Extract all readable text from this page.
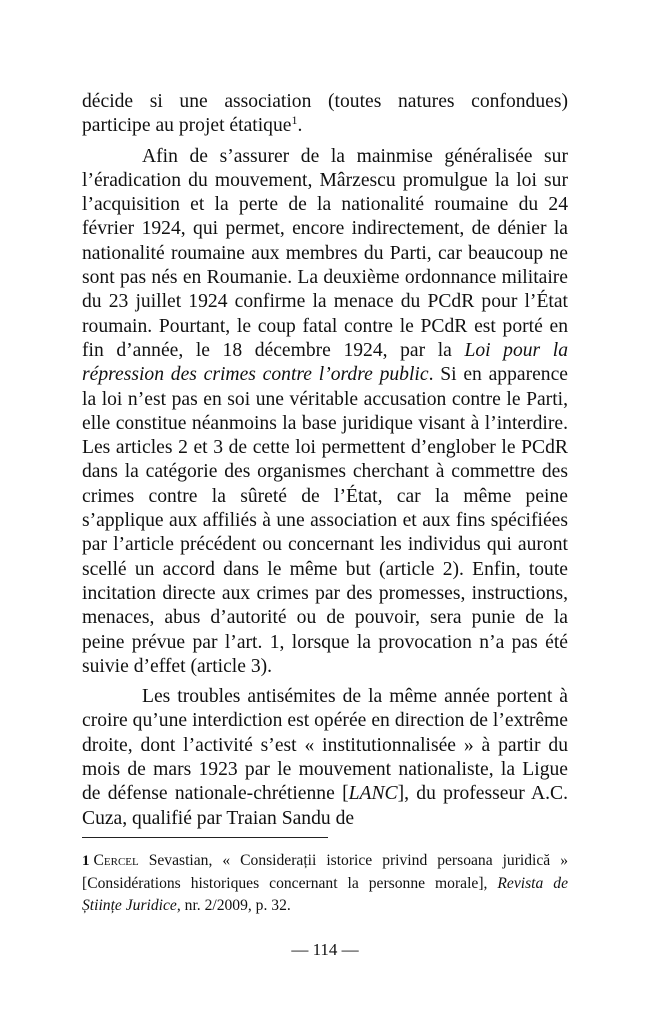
décide si une association (toutes natures confondues) participe au projet étatique$^1$.

Afin de s’assurer de la mainmise généralisée sur l’éradication du mouvement, Mârzescu promulgue la loi sur l’acquisition et la perte de la nationalité roumaine du 24 février 1924, qui permet, encore indirectement, de dénier la nationalité roumaine aux membres du Parti, car beaucoup ne sont pas nés en Roumanie. La deuxième ordonnance militaire du 23 juillet 1924 confirme la menace du PCdR pour l’État roumain. Pourtant, le coup fatal contre le PCdR est porté en fin d’année, le 18 décembre 1924, par la Loi pour la répression des crimes contre l’ordre public. Si en apparence la loi n’est pas en soi une véritable accusation contre le Parti, elle constitue néanmoins la base juridique visant à l’interdire. Les articles 2 et 3 de cette loi permettent d’englober le PCdR dans la catégorie des organismes cherchant à commettre des crimes contre la sûreté de l’État, car la même peine s’applique aux affiliés à une association et aux fins spécifiées par l’article précédent ou concernant les individus qui auront scellé un accord dans le même but (article 2). Enfin, toute incitation directe aux crimes par des promesses, instructions, menaces, abus d’autorité ou de pouvoir, sera punie de la peine prévue par l’art. 1, lorsque la provocation n’a pas été suivie d’effet (article 3).

Les troubles antisémites de la même année portent à croire qu’une interdiction est opérée en direction de l’extrême droite, dont l’activité s’est « institutionnalisée » à partir du mois de mars 1923 par le mouvement nationaliste, la Ligue de défense nationale-chrétienne [LANC], du professeur A.C. Cuza, qualifié par Traian Sandu de

1 Cercel Sevastian, « Considerații istorice privind persoana juridică » [Considérations historiques concernant la personne morale], Revista de Științe Juridice, nr. 2/2009, p. 32.
— 114 —
